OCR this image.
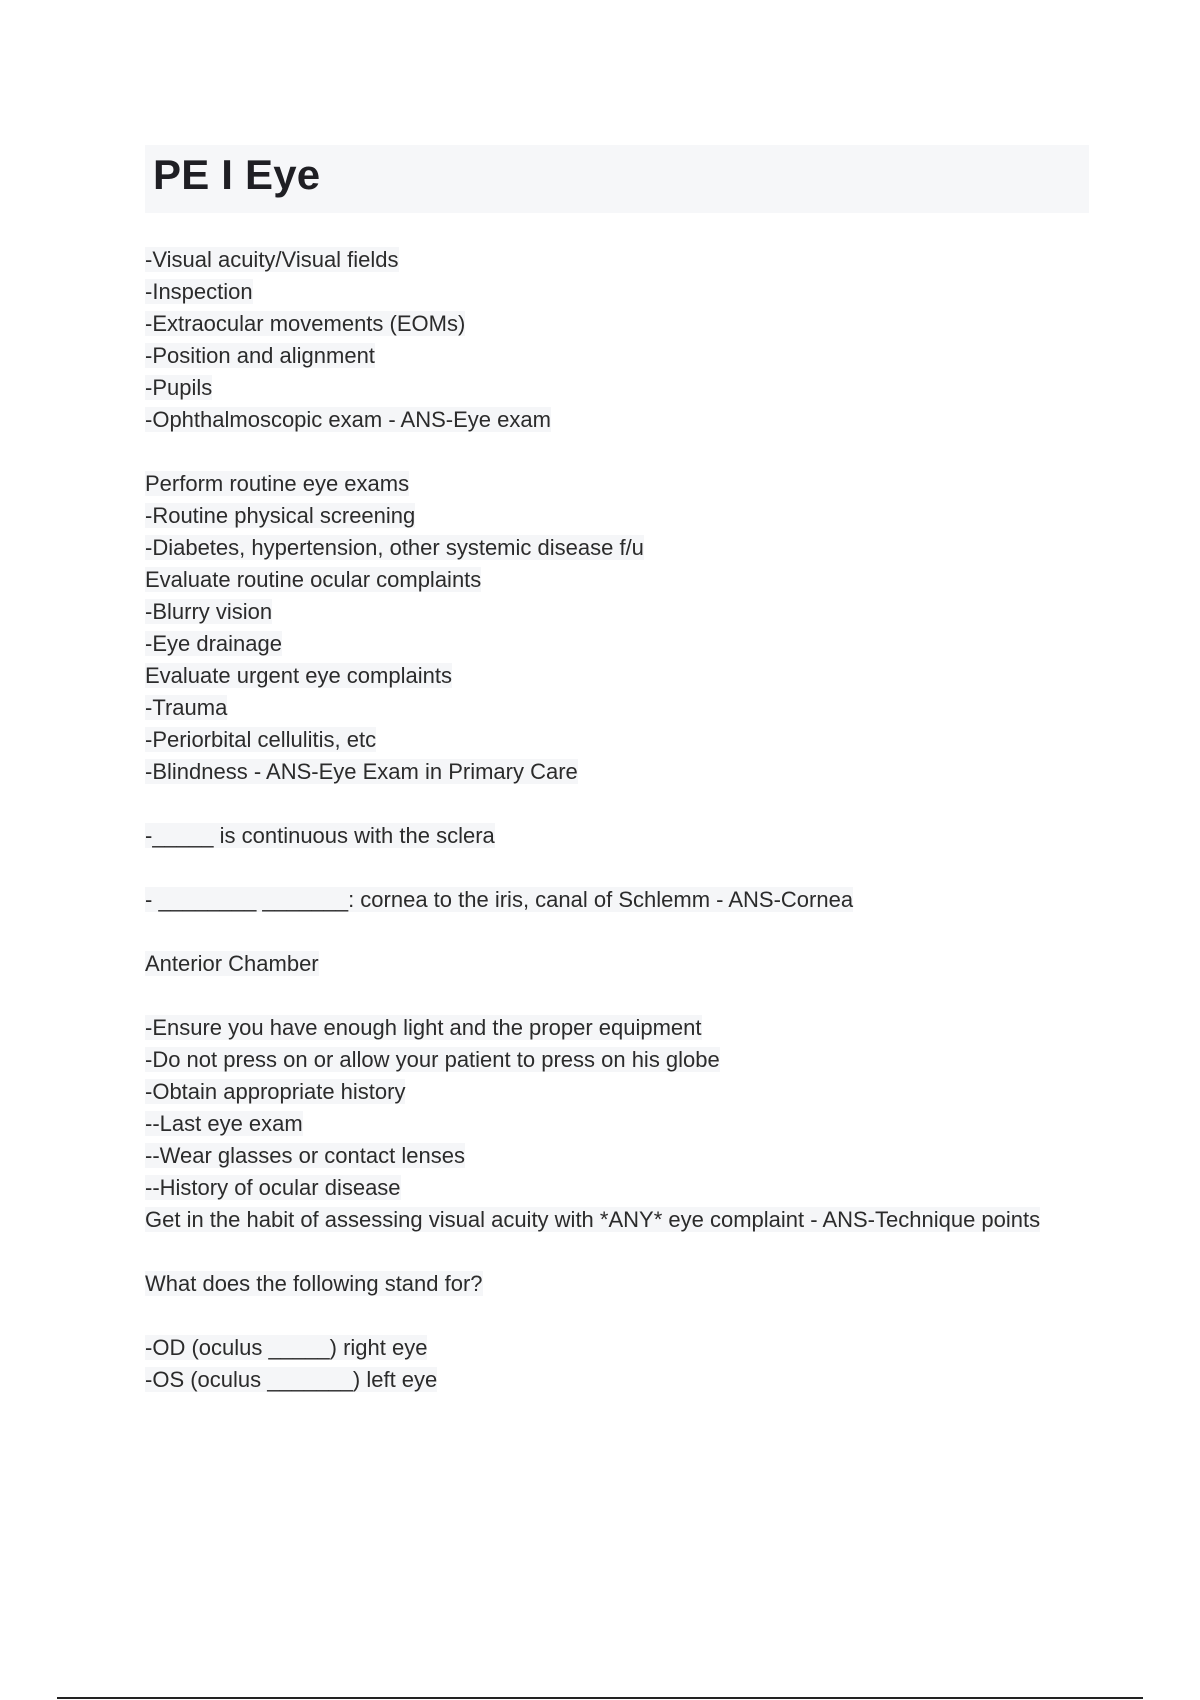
PE I Eye
-Visual acuity/Visual fields
-Inspection
-Extraocular movements (EOMs)
-Position and alignment
-Pupils
-Ophthalmoscopic exam - ANS-Eye exam
Perform routine eye exams
-Routine physical screening
-Diabetes, hypertension, other systemic disease f/u
Evaluate routine ocular complaints
-Blurry vision
-Eye drainage
Evaluate urgent eye complaints
-Trauma
-Periorbital cellulitis, etc
-Blindness - ANS-Eye Exam in Primary Care
-_____ is continuous with the sclera
- ________ _______: cornea to the iris, canal of Schlemm - ANS-Cornea
Anterior Chamber
-Ensure you have enough light and the proper equipment
-Do not press on or allow your patient to press on his globe
-Obtain appropriate history
--Last eye exam
--Wear glasses or contact lenses
--History of ocular disease
Get in the habit of assessing visual acuity with *ANY* eye complaint - ANS-Technique points
What does the following stand for?
-OD (oculus _____) right eye
-OS (oculus _______) left eye
